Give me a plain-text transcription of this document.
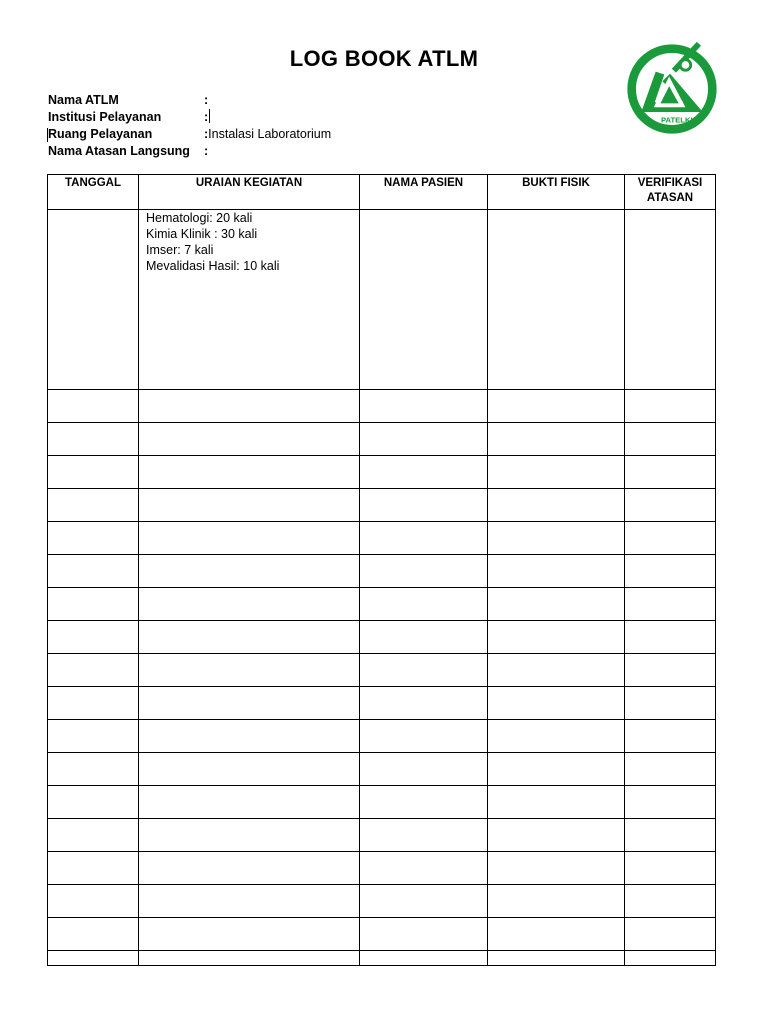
LOG BOOK ATLM
PATELKI
Nama ATLM	:
Institusi Pelayanan	:
Ruang Pelayanan	:Instalasi Laboratorium
Nama Atasan Langsung :
TANGGAL	URAIAN KEGIATAN	NAMA PASIEN	BUKTI FISIK	VERIFIKASI ATASAN

	Hematologi: 20 kali
Kimia Klinik : 30 kali
Imser: 7 kali
Mevalidasi Hasil: 10 kali			
